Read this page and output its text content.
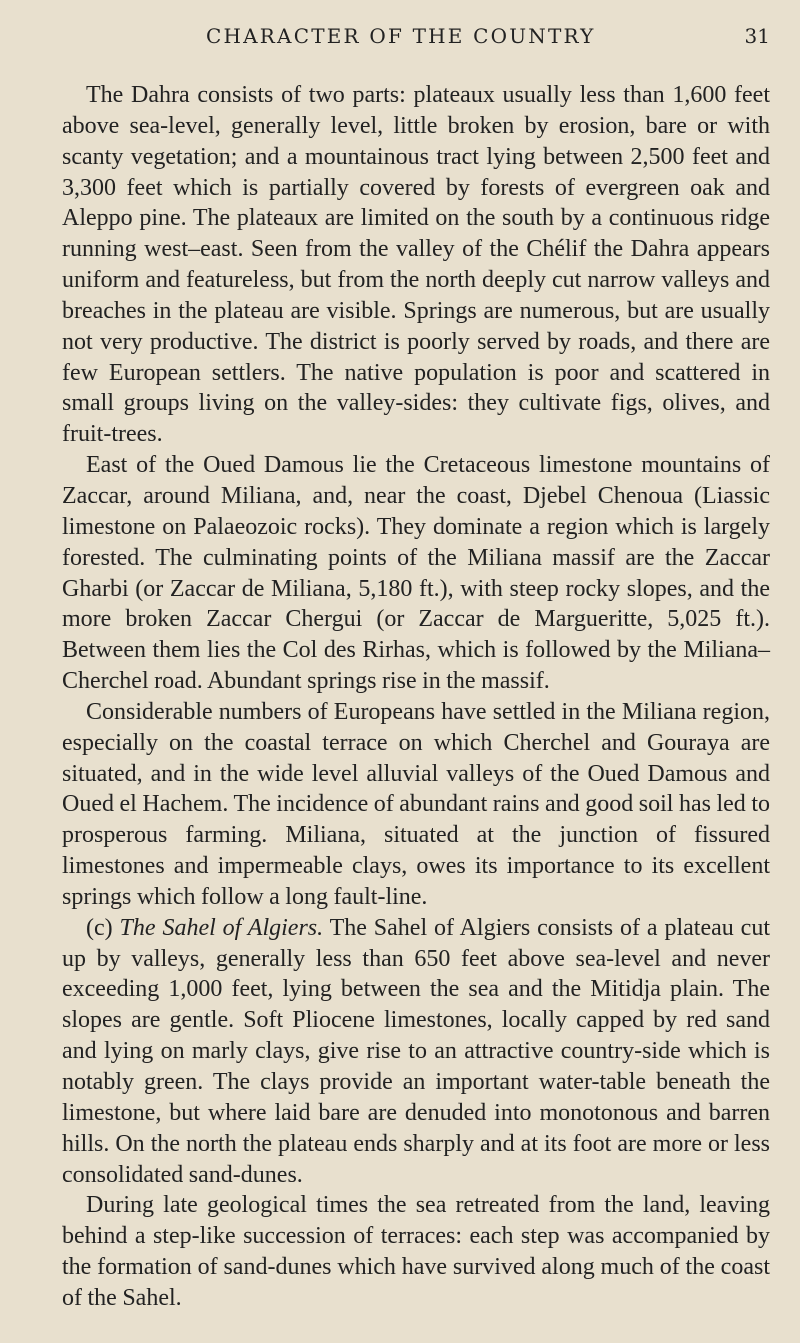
CHARACTER OF THE COUNTRY	31

The Dahra consists of two parts: plateaux usually less than 1,600 feet above sea-level, generally level, little broken by erosion, bare or with scanty vegetation; and a mountainous tract lying between 2,500 feet and 3,300 feet which is partially covered by forests of evergreen oak and Aleppo pine. The plateaux are limited on the south by a continuous ridge running west–east. Seen from the valley of the Chélif the Dahra appears uniform and featureless, but from the north deeply cut narrow valleys and breaches in the plateau are visible. Springs are numerous, but are usually not very productive. The district is poorly served by roads, and there are few European settlers. The native population is poor and scattered in small groups living on the valley-sides: they cultivate figs, olives, and fruit-trees.

East of the Oued Damous lie the Cretaceous limestone mountains of Zaccar, around Miliana, and, near the coast, Djebel Chenoua (Liassic limestone on Palaeozoic rocks). They dominate a region which is largely forested. The culminating points of the Miliana massif are the Zaccar Gharbi (or Zaccar de Miliana, 5,180 ft.), with steep rocky slopes, and the more broken Zaccar Chergui (or Zaccar de Margueritte, 5,025 ft.). Between them lies the Col des Rirhas, which is followed by the Miliana–Cherchel road. Abundant springs rise in the massif.

Considerable numbers of Europeans have settled in the Miliana region, especially on the coastal terrace on which Cherchel and Gouraya are situated, and in the wide level alluvial valleys of the Oued Damous and Oued el Hachem. The incidence of abundant rains and good soil has led to prosperous farming. Miliana, situated at the junction of fissured limestones and impermeable clays, owes its importance to its excellent springs which follow a long fault-line.

(c) The Sahel of Algiers. The Sahel of Algiers consists of a plateau cut up by valleys, generally less than 650 feet above sea-level and never exceeding 1,000 feet, lying between the sea and the Mitidja plain. The slopes are gentle. Soft Pliocene limestones, locally capped by red sand and lying on marly clays, give rise to an attractive country-side which is notably green. The clays provide an important water-table beneath the limestone, but where laid bare are denuded into monotonous and barren hills. On the north the plateau ends sharply and at its foot are more or less consolidated sand-dunes.

During late geological times the sea retreated from the land, leaving behind a step-like succession of terraces: each step was accompanied by the formation of sand-dunes which have survived along much of the coast of the Sahel.
